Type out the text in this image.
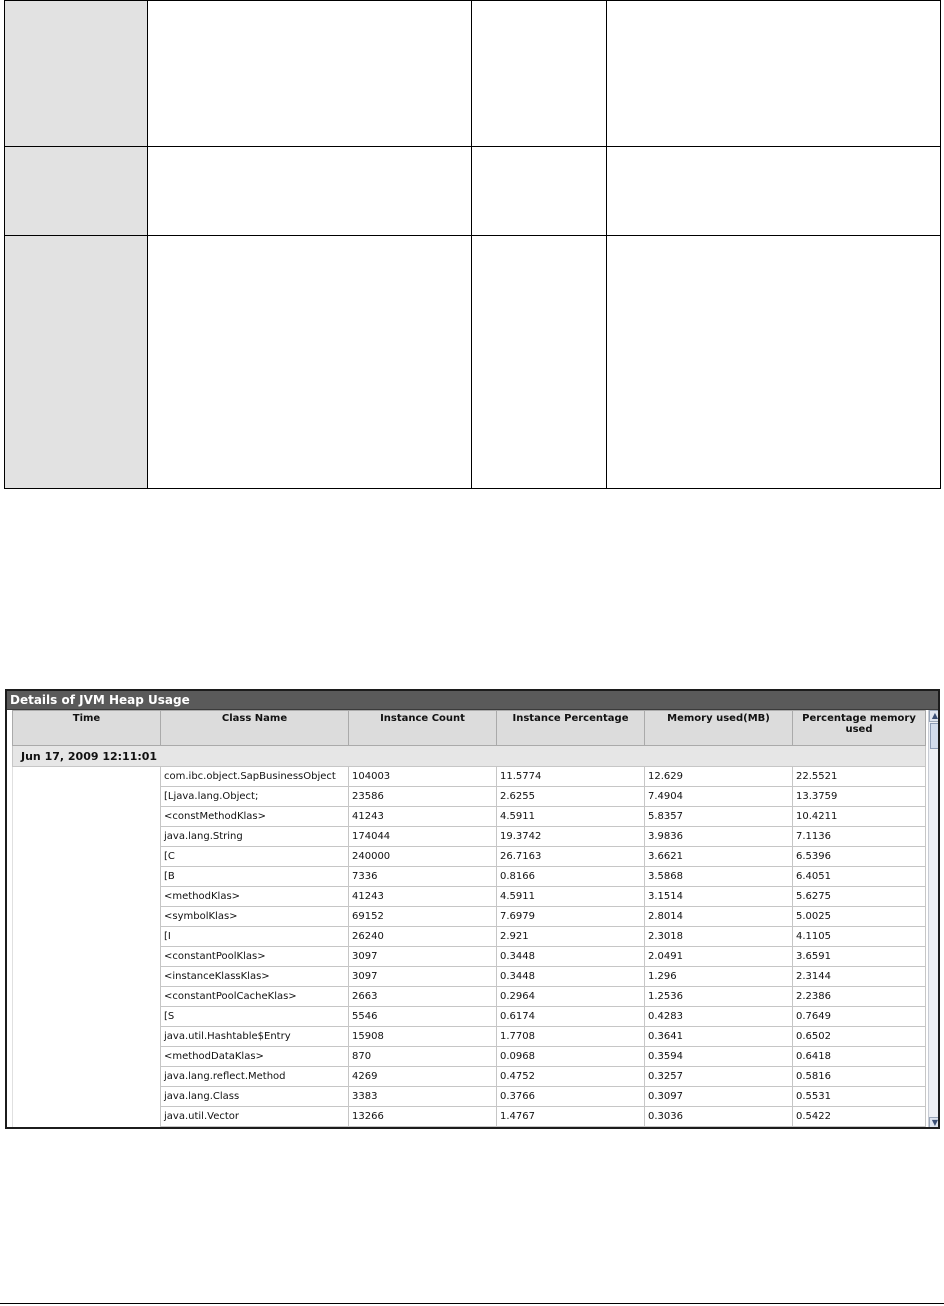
Details of JVM Heap Usage
Time	Class Name	Instance Count	Instance Percentage	Memory used(MB)	Percentage memory used
Jun 17, 2009 12:11:01					
	com.ibc.object.SapBusinessObject	104003	11.5774	12.629	22.5521
	[Ljava.lang.Object;	23586	2.6255	7.4904	13.3759
	<constMethodKlas>	41243	4.5911	5.8357	10.4211
	java.lang.String	174044	19.3742	3.9836	7.1136
	[C	240000	26.7163	3.6621	6.5396
	[B	7336	0.8166	3.5868	6.4051
	<methodKlas>	41243	4.5911	3.1514	5.6275
	<symbolKlas>	69152	7.6979	2.8014	5.0025
	[I	26240	2.921	2.3018	4.1105
	<constantPoolKlas>	3097	0.3448	2.0491	3.6591
	<instanceKlassKlas>	3097	0.3448	1.296	2.3144
	<constantPoolCacheKlas>	2663	0.2964	1.2536	2.2386
	[S	5546	0.6174	0.4283	0.7649
	java.util.Hashtable$Entry	15908	1.7708	0.3641	0.6502
	<methodDataKlas>	870	0.0968	0.3594	0.6418
	java.lang.reflect.Method	4269	0.4752	0.3257	0.5816
	java.lang.Class	3383	0.3766	0.3097	0.5531
	java.util.Vector	13266	1.4767	0.3036	0.5422
▲
▼
